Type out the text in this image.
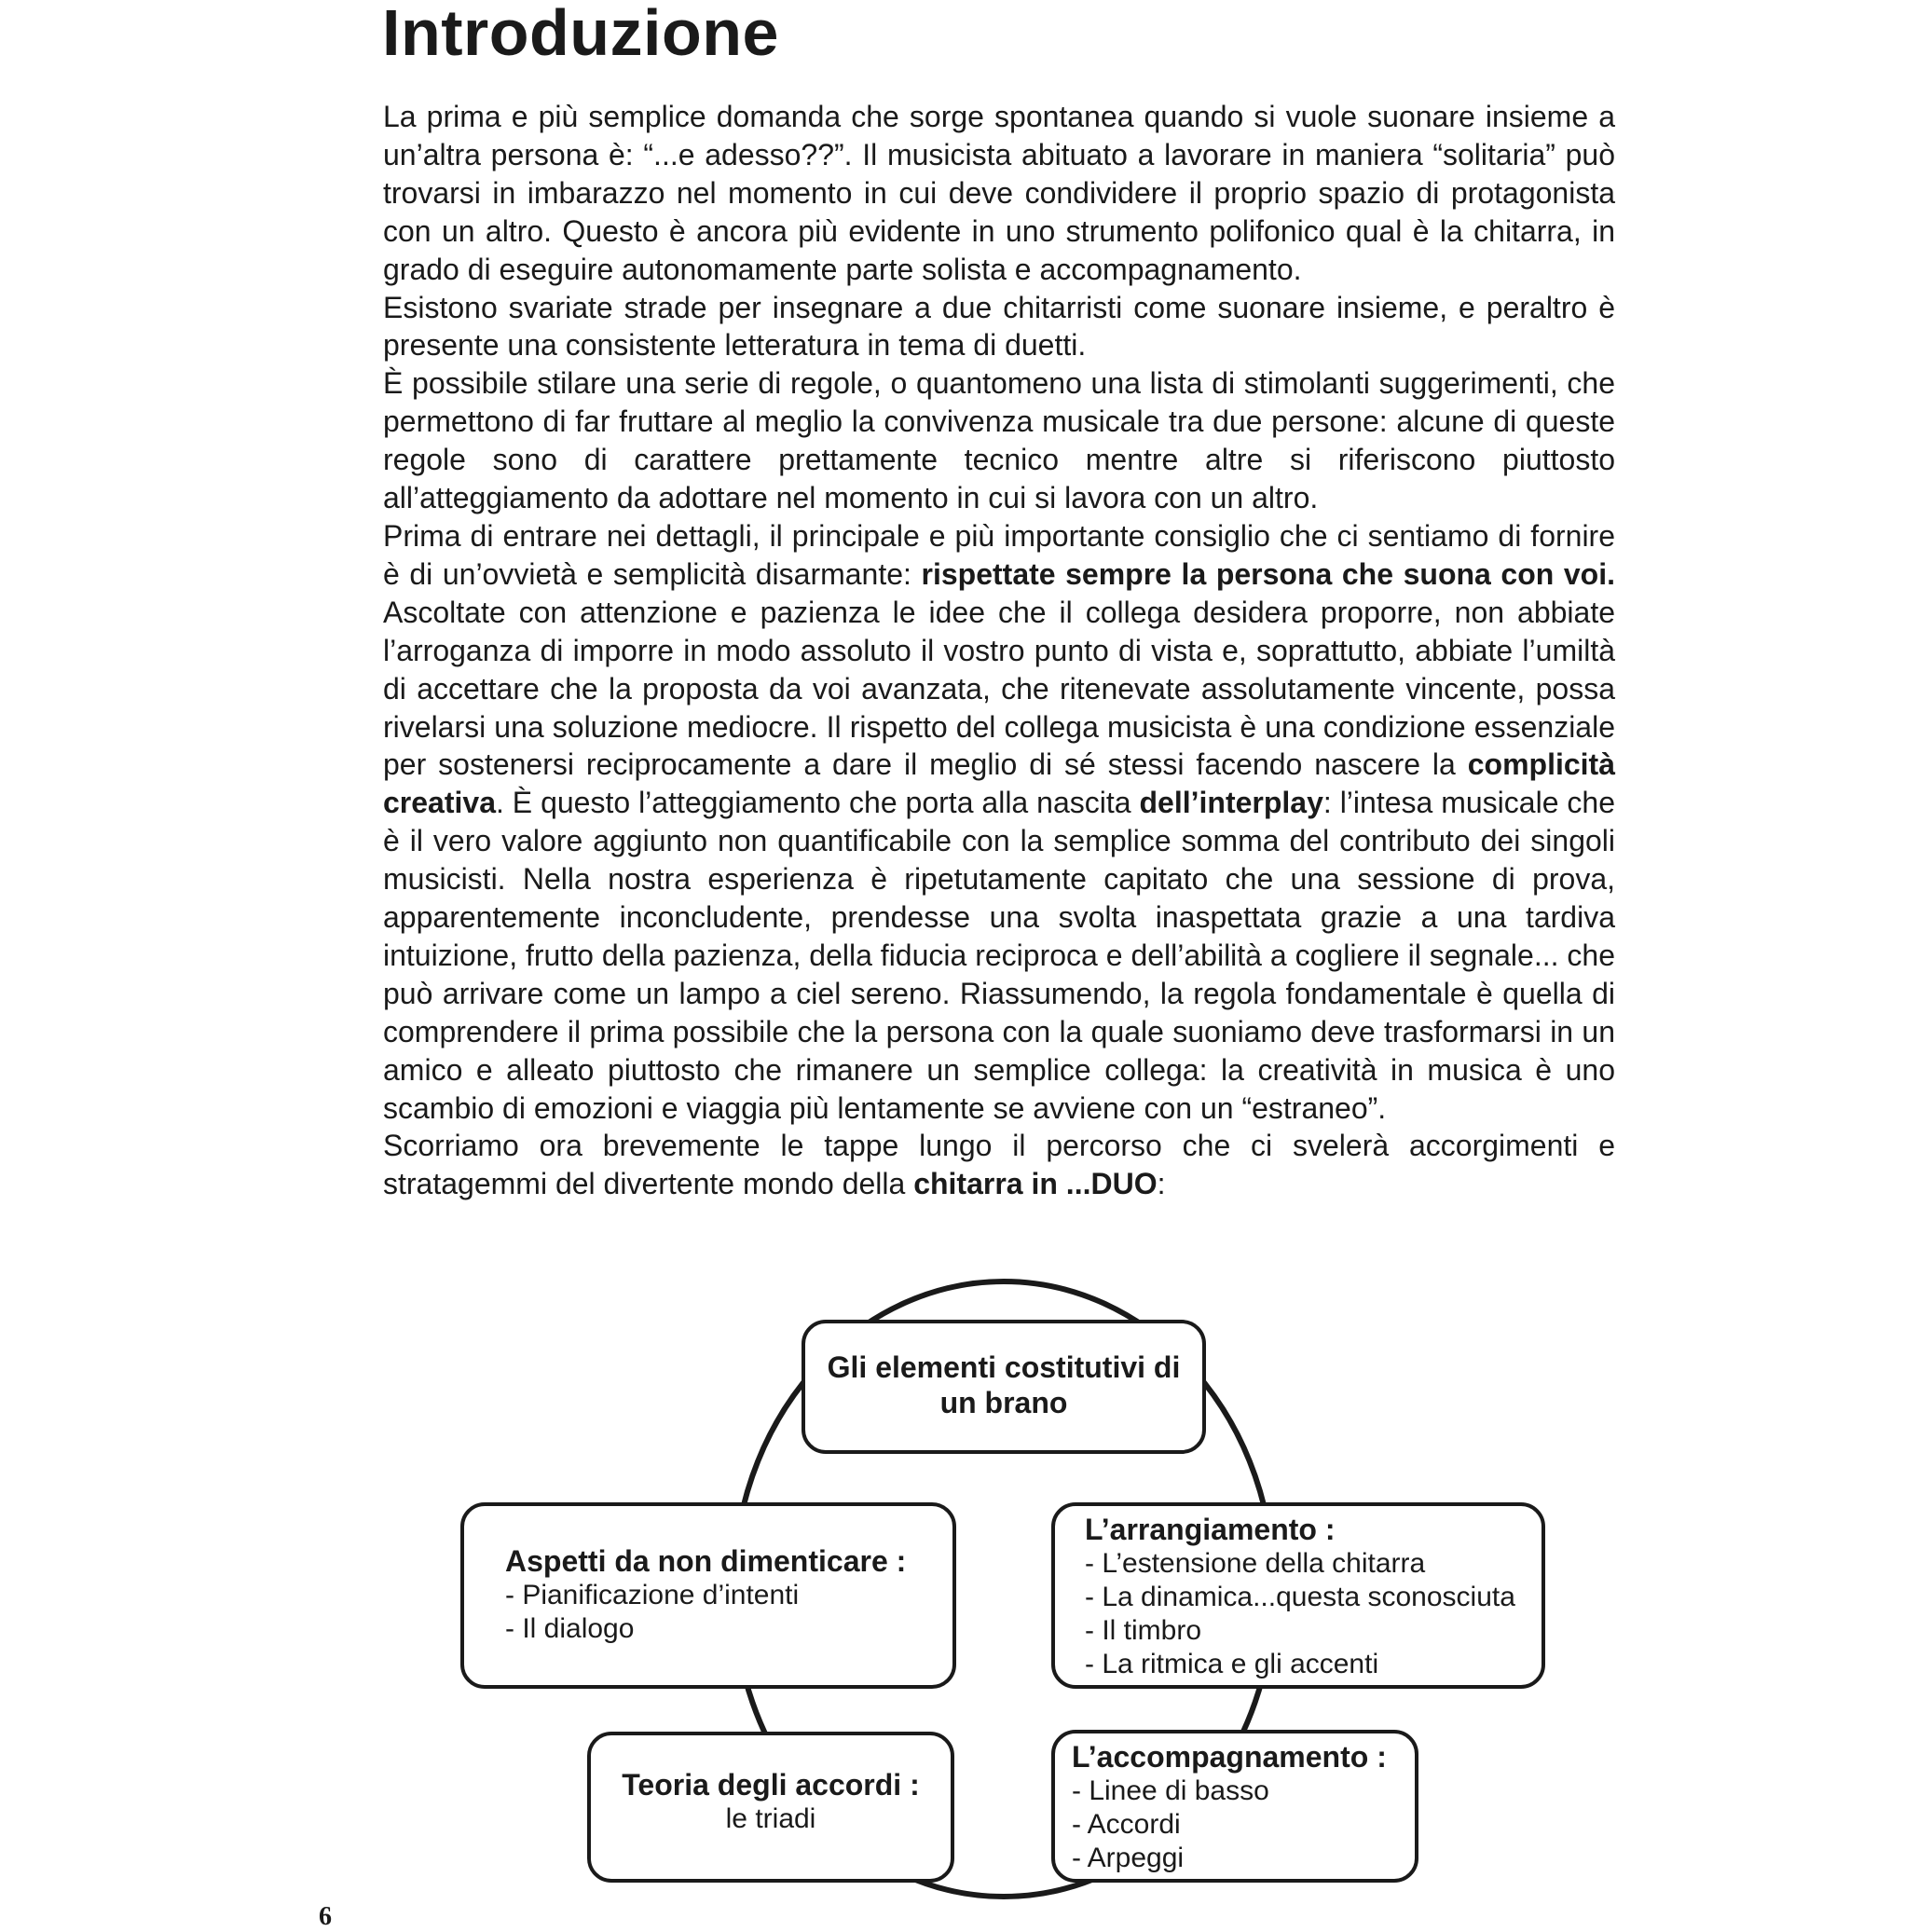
Introduzione

La prima e più semplice domanda che sorge spontanea quando si vuole suonare insieme a un’altra persona è: “...e adesso??”. Il musicista abituato a lavorare in maniera “solitaria” può trovarsi in imbarazzo nel momento in cui deve condividere il proprio spazio di protagonista con un altro. Questo è ancora più evidente in uno strumento polifonico qual è la chitarra, in grado di eseguire autonomamente parte solista e accompagnamento.

Esistono svariate strade per insegnare a due chitarristi come suonare insieme, e peraltro è presente una consistente letteratura in tema di duetti.

È possibile stilare una serie di regole, o quantomeno una lista di stimolanti suggerimenti, che permettono di far fruttare al meglio la convivenza musicale tra due persone: alcune di queste regole sono di carattere prettamente tecnico mentre altre si riferiscono piuttosto all’atteggiamento da adottare nel momento in cui si lavora con un altro.

Prima di entrare nei dettagli, il principale e più importante consiglio che ci sentiamo di fornire è di un’ovvietà e semplicità disarmante: rispettate sempre la persona che suona con voi. Ascoltate con attenzione e pazienza le idee che il collega desidera proporre, non abbiate l’arroganza di imporre in modo assoluto il vostro punto di vista e, soprattutto, abbiate l’umiltà di accettare che la proposta da voi avanzata, che ritenevate assolutamente vincente, possa rivelarsi una soluzione mediocre. Il rispetto del collega musicista è una condizione essenziale per sostenersi reciprocamente a dare il meglio di sé stessi facendo nascere la complicità creativa. È questo l’atteggiamento che porta alla nascita dell’interplay: l’intesa musicale che è il vero valore aggiunto non quantificabile con la semplice somma del contributo dei singoli musicisti. Nella nostra esperienza è ripetutamente capitato che una sessione di prova, apparentemente inconcludente, prendesse una svolta inaspettata grazie a una tardiva intuizione, frutto della pazienza, della fiducia reciproca e dell’abilità a cogliere il segnale... che può arrivare come un lampo a ciel sereno. Riassumendo, la regola fondamentale è quella di comprendere il prima possibile che la persona con la quale suoniamo deve trasformarsi in un amico e alleato piuttosto che rimanere un semplice collega: la creatività in musica è uno scambio di emozioni e viaggia più lentamente se avviene con un “estraneo”.

Scorriamo ora brevemente le tappe lungo il percorso che ci svelerà accorgimenti e stratagemmi del divertente mondo della chitarra in ...DUO:

Gli elementi costitutivi di un brano
Aspetti da non dimenticare :
- Pianificazione d’intenti
- Il dialogo
L’arrangiamento :
- L’estensione della chitarra
- La dinamica...questa sconosciuta
- Il timbro
- La ritmica e gli accenti
Teoria degli accordi :
le triadi
L’accompagnamento :
- Linee di basso
- Accordi
- Arpeggi
6
